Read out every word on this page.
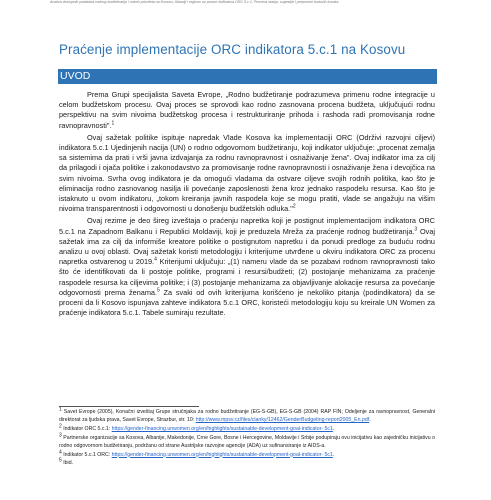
Analiza dostupnih podataka rodnog budžetiranja i rodnih prioriteta na Kosovu, Albaniji i regionu uz pomoć indikatora ORC 5.c.1. Procena stanja, sugestije i preporuke budućih koraka.
Praćenje implementacije ORC indikatora 5.c.1 na Kosovu
UVOD

Prema Grupi specijalista Saveta Evrope, „Rodno budžetiranje podrazumeva primenu rodne integracije u celom budžetskom procesu. Ovaj proces se sprovodi kao rodno zasnovana procena budžeta, uključujući rodnu perspektivu na svim nivoima budžetskog procesa i restrukturiranje prihoda i rashoda radi promovisanja rodne ravnopravnosti".$^1$

Ovaj sažetak politike ispituje napredak Vlade Kosova ka implementaciji ORC (Održivi razvojni ciljevi) indikatora 5.c.1 Ujedinjenih nacija (UN) o rodno odgovornom budžetiranju, koji indikator uključuje: „procenat zemalja sa sistemima da prati i vrši javna izdvajanja za rodnu ravnopravnost i osnaživanje žena". Ovaj indikator ima za cilj da prilagodi i ojača politike i zakonodavstvo za promovisanje rodne ravnopravnosti i osnaživanje žena i devojčica na svim nivoima. Svrha ovog indikatora je da omogući vladama da ostvare ciljeve svojih rodnih politika, kao što je eliminacija rodno zasnovanog nasilja ili povećanje zaposlenosti žena kroz jednako raspodelu resursa. Kao što je istaknuto u ovom indikatoru, „tokom kreiranja javnih raspodela koje se mogu pratiti, vlade se angažuju na višim nivoima transparentnosti i odgovornosti u donošenju budžetskih odluka."$^2$

Ovaj rezime je deo šireg izveštaja o praćenju napretka koji je postignut implementacijom indikatora ORC 5.c.1 na Zapadnom Balkanu i Republici Moldaviji, koji je preduzela Mreža za praćenje rodnog budžetiranja.$^3$ Ovaj sažetak ima za cilj da informiše kreatore politike o postignutom napretku i da ponudi predloge za buduću rodnu analizu u ovoj oblasti. Ovaj sažetak koristi metodologiju i kriterijume utvrđene u okviru indikatora ORC za procenu napretka ostvarenog u 2019.$^4$ Kriterijumi uključuju: „(1) nameru vlade da se pozabavi rodnom ravnopravnosti tako što će identifikovati da li postoje politike, programi i resursi/budžeti; (2) postojanje mehanizama za praćenje raspodele resursa ka ciljevima politike; i (3) postojanje mehanizama za objavljivanje alokacije resursa za povećanje odgovornosti prema ženama.$^5$ Za svaki od ovih kriterijuma korišćeno je nekoliko pitanja (podindikatora) da se proceni da li Kosovo ispunjava zahteve indikatora 5.c.1 ORC, koristeći metodologiju koju su kreirale UN Women za praćenje indikatora 5.c.1. Tabele sumiraju rezultate.

$^1$ Savet Evrope (2005), Konačni izveštaj Grupe stručnjaka za rodno budžetiranje (EG-S-GB), EG-S-GB (2004) RAP FIN; Odeljenje za ravnopravnost, Generalni direktorat za ljudska prava, Savet Evrope, Strazbur, str. 10: http://www.mpsv.cz/files/clanky/12462/GenderBudgeting-report2005_En.pdf.
$^2$ Indikator ORC 5.c.1: https://gender-financing.unwomen.org/en/highlights/sustainable-development-goal-indicator- 5c1.
$^3$ Partnerske organizacije sa Kosova, Albanije, Makedonije, Crne Gore, Bosne i Hercegovine, Moldavije i Srbije podupiraju ovu inicijativu kao zajedničku inicijativu o rodno odgovornom budžetiranju, podržanu od strane Austrijske razvojne agencije (ADA) uz sufinansiranje iz AIDS-a.
$^4$ Indikator 5.c.1 ORC: https://gender-financing.unwomen.org/en/highlights/sustainable-development-goal-indicator- 5c1.
$^5$ Ibid.
